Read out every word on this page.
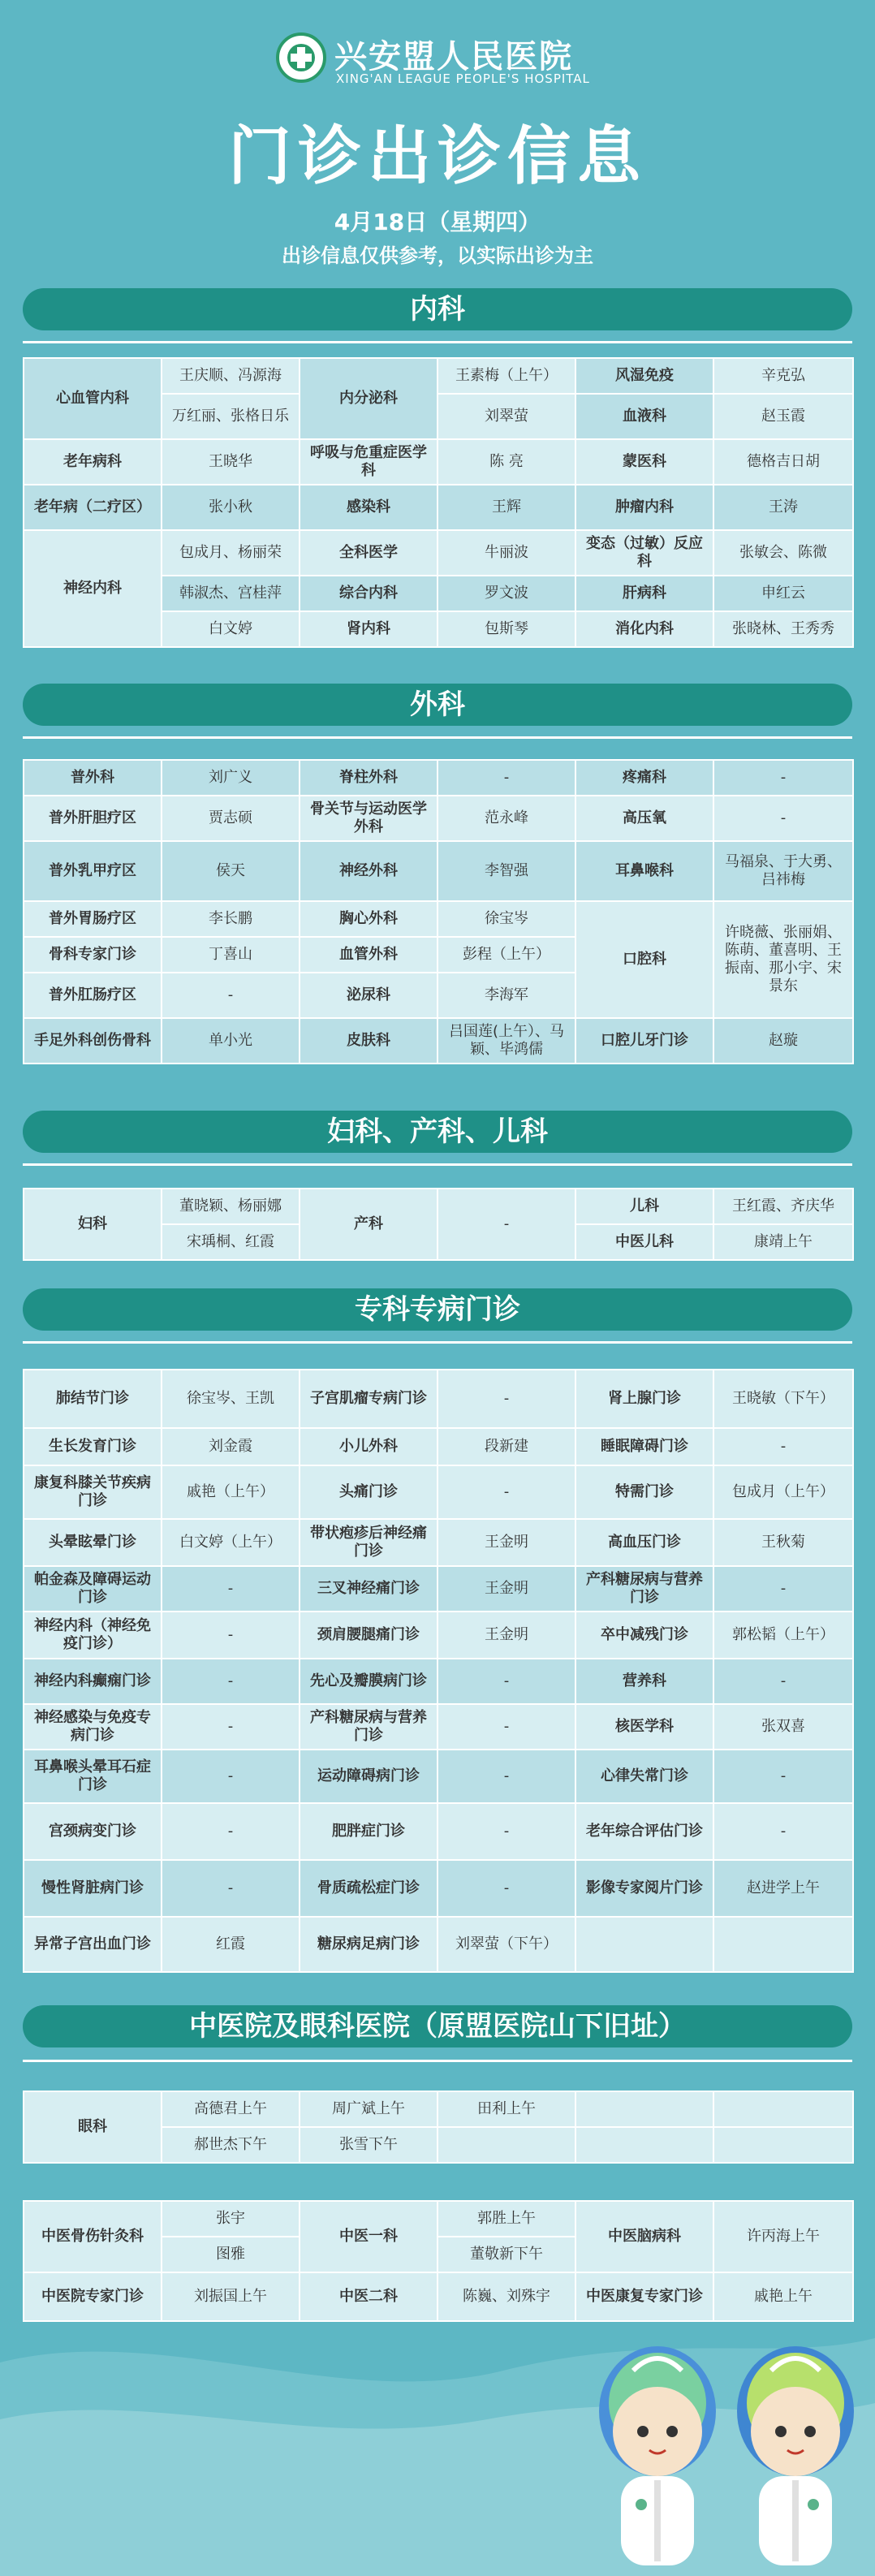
兴安盟人民医院
XING'AN LEAGUE PEOPLE'S HOSPITAL
门诊出诊信息
4月18日（星期四）
出诊信息仅供参考，以实际出诊为主
内科
心血管内科	王庆顺、冯源海	内分泌科	王素梅（上午）	风湿免疫	辛克弘
	万红丽、张格日乐		刘翠萤	血液科	赵玉霞
老年病科	王晓华	呼吸与危重症医学科	陈 亮	蒙医科	德格吉日胡
老年病（二疗区）	张小秋	感染科	王辉	肿瘤内科	王涛
神经内科	包成月、杨丽荣	全科医学	牛丽波	变态（过敏）反应科	张敏会、陈微
	韩淑杰、宫桂萍	综合内科	罗文波	肝病科	申红云
	白文婷	肾内科	包斯琴	消化内科	张晓林、王秀秀
外科
普外科	刘广义	脊柱外科	-	疼痛科	-
普外肝胆疗区	贾志硕	骨关节与运动医学外科	范永峰	高压氧	-
普外乳甲疗区	侯天	神经外科	李智强	耳鼻喉科	马福泉、于大勇、吕祎梅
普外胃肠疗区	李长鹏	胸心外科	徐宝岑	口腔科	许晓薇、张丽娟、陈萌、董喜明、王振南、那小宇、宋景东
骨科专家门诊	丁喜山	血管外科	彭程（上午）		
普外肛肠疗区	-	泌尿科	李海军		
手足外科创伤骨科	单小光	皮肤科	吕国莲(上午）、马颖、毕鸿儒	口腔儿牙门诊	赵璇
妇科、产科、儿科
妇科	董晓颖、杨丽娜	产科	-	儿科	王红霞、齐庆华
	宋瑀桐、红霞			中医儿科	康靖上午
专科专病门诊
肺结节门诊	徐宝岑、王凯	子宫肌瘤专病门诊	-	肾上腺门诊	王晓敏（下午）
生长发育门诊	刘金霞	小儿外科	段新建	睡眠障碍门诊	-
康复科膝关节疾病门诊	戚艳（上午）	头痛门诊	-	特需门诊	包成月（上午）
头晕眩晕门诊	白文婷（上午）	带状疱疹后神经痛门诊	王金明	高血压门诊	王秋菊
帕金森及障碍运动门诊	-	三叉神经痛门诊	王金明	产科糖尿病与营养门诊	-
神经内科（神经免疫门诊）	-	颈肩腰腿痛门诊	王金明	卒中减残门诊	郭松韬（上午）
神经内科癫痫门诊	-	先心及瓣膜病门诊	-	营养科	-
神经感染与免疫专病门诊	-	产科糖尿病与营养门诊	-	核医学科	张双喜
耳鼻喉头晕耳石症门诊	-	运动障碍病门诊	-	心律失常门诊	-
宫颈病变门诊	-	肥胖症门诊	-	老年综合评估门诊	-
慢性肾脏病门诊	-	骨质疏松症门诊	-	影像专家阅片门诊	赵进学上午
异常子宫出血门诊	红霞	糖尿病足病门诊	刘翠萤（下午）		
中医院及眼科医院（原盟医院山下旧址）
眼科	高德君上午	周广斌上午	田利上午		
	郝世杰下午	张雪下午			
中医骨伤针灸科	张宇	中医一科	郭胜上午	中医脑病科	许丙海上午
	图雅		董敬新下午		
中医院专家门诊	刘振国上午	中医二科	陈巍、刘殊宇	中医康复专家门诊	戚艳上午
